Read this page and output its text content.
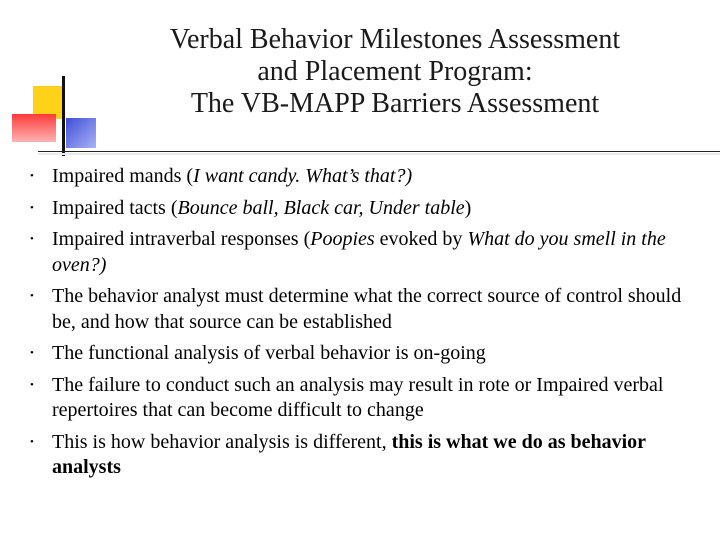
Verbal Behavior Milestones Assessment
and Placement Program:
The VB-MAPP Barriers Assessment
• Impaired mands (I want candy. What’s that?)
• Impaired tacts (Bounce ball, Black car, Under table)
• Impaired intraverbal responses (Poopies evoked by What do you smell in the oven?)
• The behavior analyst must determine what the correct source of control should be, and how that source can be established
• The functional analysis of verbal behavior is on-going
• The failure to conduct such an analysis may result in rote or Impaired verbal repertoires that can become difficult to change
• This is how behavior analysis is different, this is what we do as behavior analysts
